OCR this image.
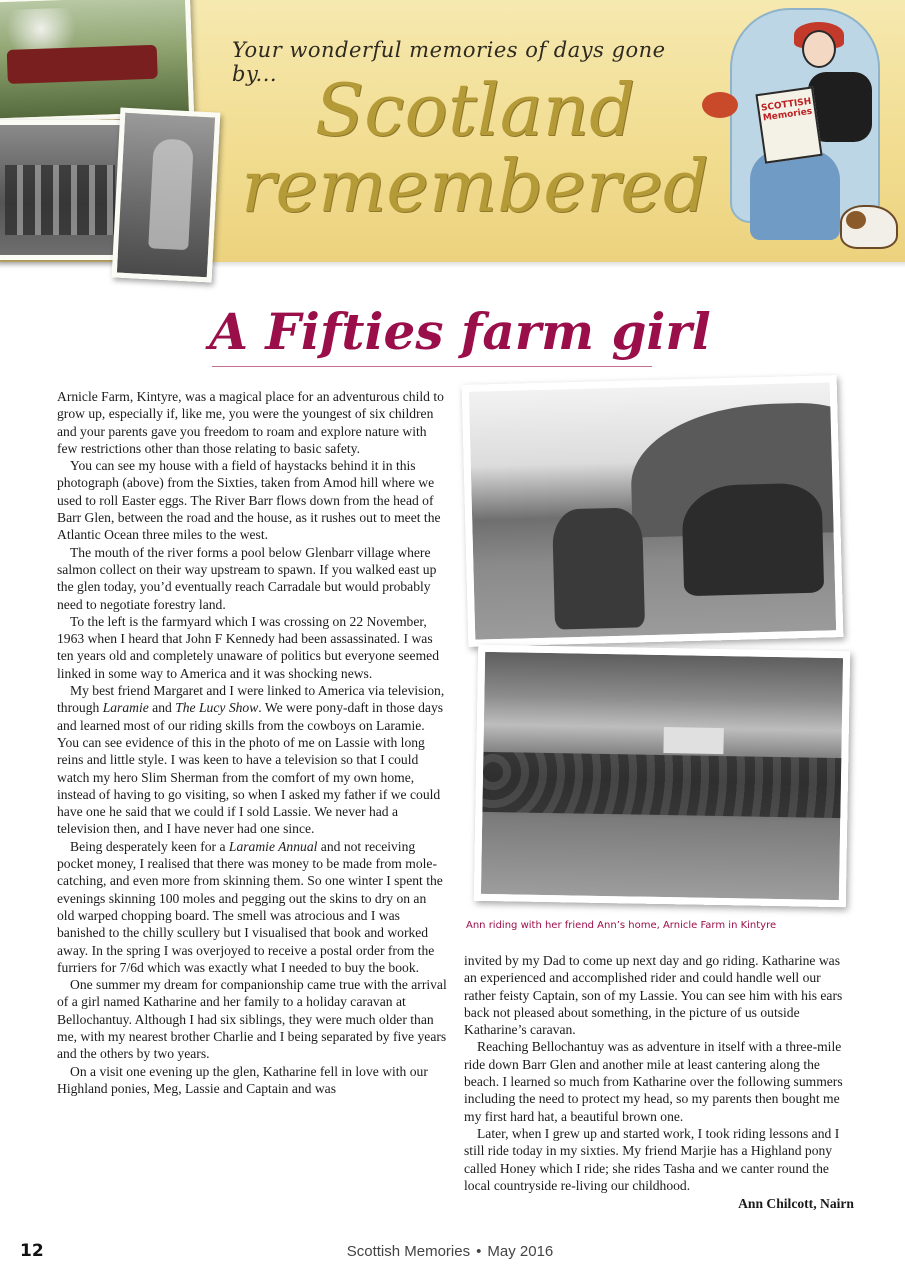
Your wonderful memories of days gone by... Scotland
remembered
SCOTTISH Memories
A Fifties farm girl

Arnicle Farm, Kintyre, was a magical place for an adventurous child to grow up, especially if, like me, you were the youngest of six children and your parents gave you freedom to roam and explore nature with few restrictions other than those relating to basic safety.

You can see my house with a field of haystacks behind it in this photograph (above) from the Sixties, taken from Amod hill where we used to roll Easter eggs. The River Barr flows down from the head of Barr Glen, between the road and the house, as it rushes out to meet the Atlantic Ocean three miles to the west.

The mouth of the river forms a pool below Glenbarr village where salmon collect on their way upstream to spawn. If you walked east up the glen today, you’d eventually reach Carradale but would probably need to negotiate forestry land.

To the left is the farmyard which I was crossing on 22 November, 1963 when I heard that John F Kennedy had been assassinated. I was ten years old and completely unaware of politics but everyone seemed linked in some way to America and it was shocking news.

My best friend Margaret and I were linked to America via television, through Laramie and The Lucy Show. We were pony-daft in those days and learned most of our riding skills from the cowboys on Laramie. You can see evidence of this in the photo of me on Lassie with long reins and little style. I was keen to have a television so that I could watch my hero Slim Sherman from the comfort of my own home, instead of having to go visiting, so when I asked my father if we could have one he said that we could if I sold Lassie. We never had a television then, and I have never had one since.

Being desperately keen for a Laramie Annual and not receiving pocket money, I realised that there was money to be made from mole-catching, and even more from skinning them. So one winter I spent the evenings skinning 100 moles and pegging out the skins to dry on an old warped chopping board. The smell was atrocious and I was banished to the chilly scullery but I visualised that book and worked away. In the spring I was overjoyed to receive a postal order from the furriers for 7/6d which was exactly what I needed to buy the book.

One summer my dream for companionship came true with the arrival of a girl named Katharine and her family to a holiday caravan at Bellochantuy. Although I had six siblings, they were much older than me, with my nearest brother Charlie and I being separated by five years and the others by two years.

On a visit one evening up the glen, Katharine fell in love with our Highland ponies, Meg, Lassie and Captain and was

Ann riding with her friend Ann’s home, Arnicle Farm in Kintyre

invited by my Dad to come up next day and go riding. Katharine was an experienced and accomplished rider and could handle well our rather feisty Captain, son of my Lassie. You can see him with his ears back not pleased about something, in the picture of us outside Katharine’s caravan.

Reaching Bellochantuy was as adventure in itself with a three-mile ride down Barr Glen and another mile at least cantering along the beach. I learned so much from Katharine over the following summers including the need to protect my head, so my parents then bought me my first hard hat, a beautiful brown one.

Later, when I grew up and started work, I took riding lessons and I still ride today in my sixties. My friend Marjie has a Highland pony called Honey which I ride; she rides Tasha and we canter round the local countryside re-living our childhood.

Ann Chilcott, Nairn
12	Scottish Memories • May 2016
